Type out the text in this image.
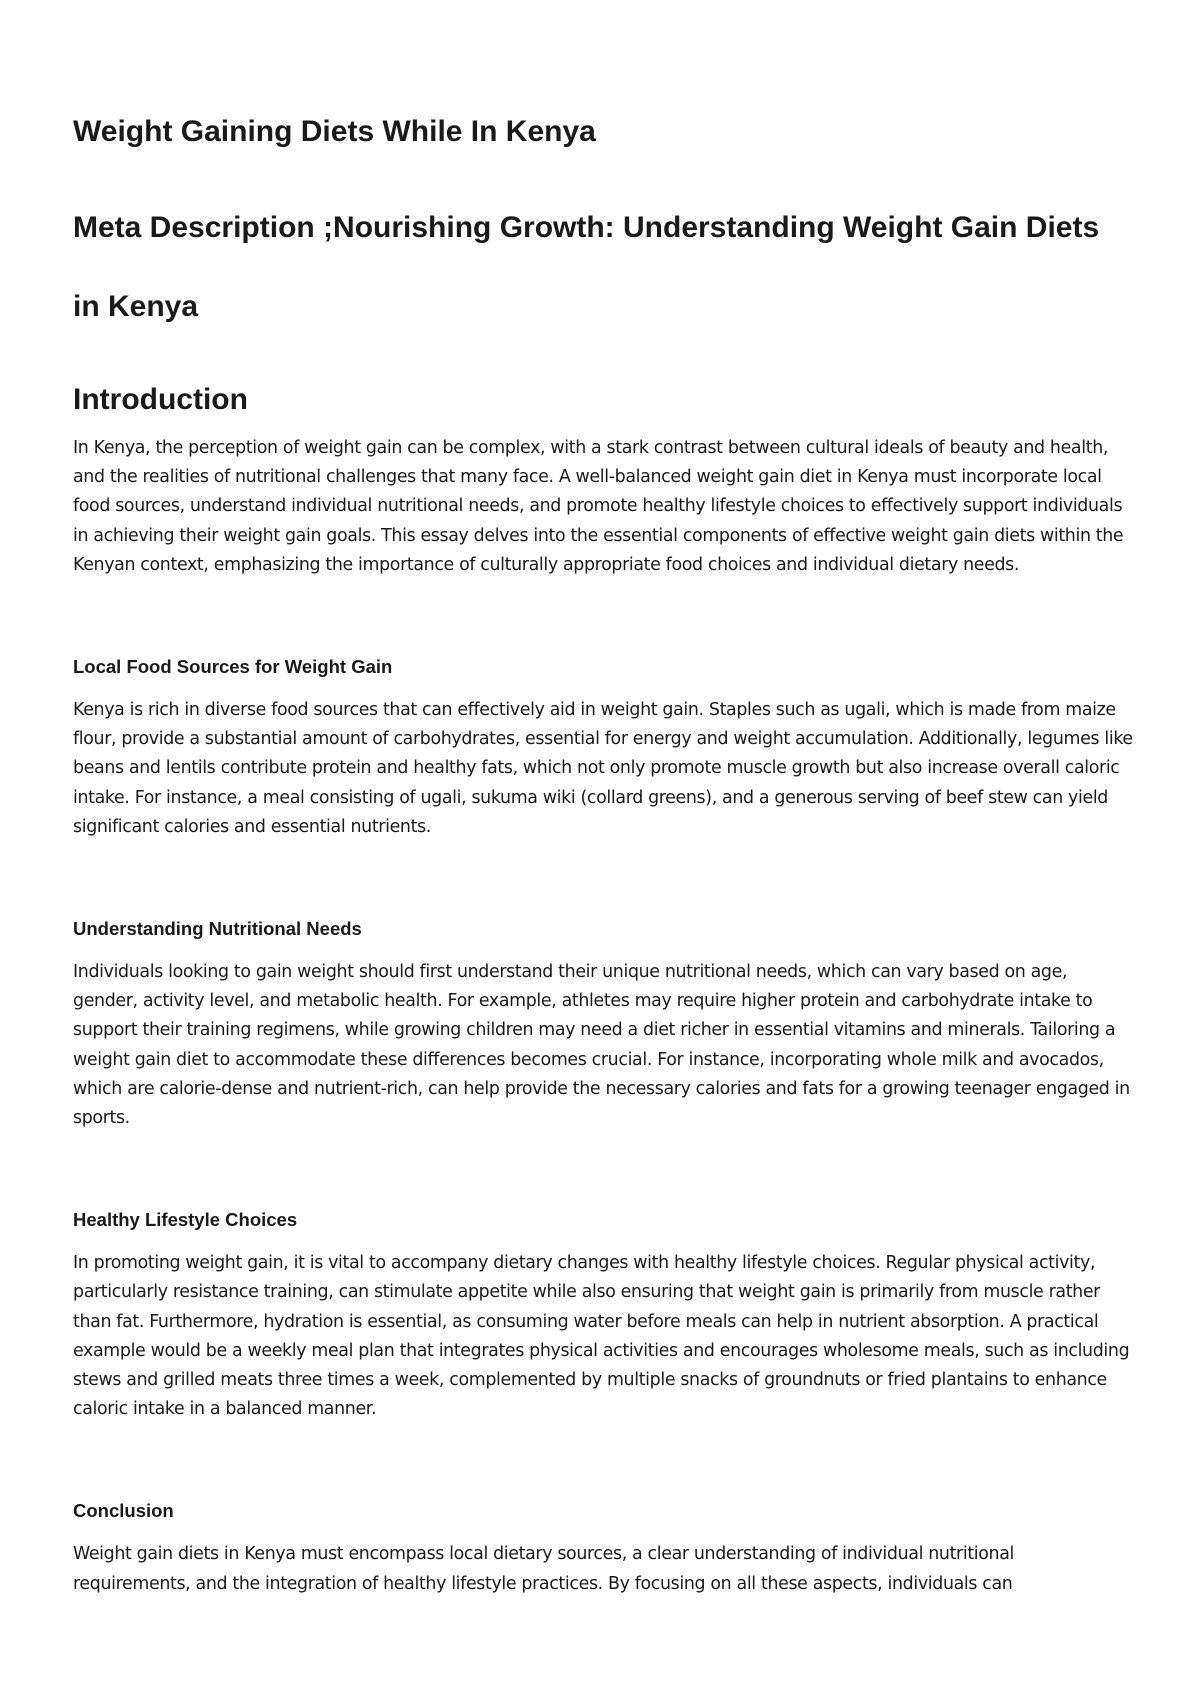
Weight Gaining Diets While In Kenya
Meta Description ;Nourishing Growth: Understanding Weight Gain Diets in Kenya
Introduction

In Kenya, the perception of weight gain can be complex, with a stark contrast between cultural ideals of beauty and health, and the realities of nutritional challenges that many face. A well-balanced weight gain diet in Kenya must incorporate local food sources, understand individual nutritional needs, and promote healthy lifestyle choices to effectively support individuals in achieving their weight gain goals. This essay delves into the essential components of effective weight gain diets within the Kenyan context, emphasizing the importance of culturally appropriate food choices and individual dietary needs.

Local Food Sources for Weight Gain

Kenya is rich in diverse food sources that can effectively aid in weight gain. Staples such as ugali, which is made from maize flour, provide a substantial amount of carbohydrates, essential for energy and weight accumulation. Additionally, legumes like beans and lentils contribute protein and healthy fats, which not only promote muscle growth but also increase overall caloric intake. For instance, a meal consisting of ugali, sukuma wiki (collard greens), and a generous serving of beef stew can yield significant calories and essential nutrients.

Understanding Nutritional Needs

Individuals looking to gain weight should first understand their unique nutritional needs, which can vary based on age, gender, activity level, and metabolic health. For example, athletes may require higher protein and carbohydrate intake to support their training regimens, while growing children may need a diet richer in essential vitamins and minerals. Tailoring a weight gain diet to accommodate these differences becomes crucial. For instance, incorporating whole milk and avocados, which are calorie-dense and nutrient-rich, can help provide the necessary calories and fats for a growing teenager engaged in sports.

Healthy Lifestyle Choices

In promoting weight gain, it is vital to accompany dietary changes with healthy lifestyle choices. Regular physical activity, particularly resistance training, can stimulate appetite while also ensuring that weight gain is primarily from muscle rather than fat. Furthermore, hydration is essential, as consuming water before meals can help in nutrient absorption. A practical example would be a weekly meal plan that integrates physical activities and encourages wholesome meals, such as including stews and grilled meats three times a week, complemented by multiple snacks of groundnuts or fried plantains to enhance caloric intake in a balanced manner.

Conclusion

Weight gain diets in Kenya must encompass local dietary sources, a clear understanding of individual nutritional requirements, and the integration of healthy lifestyle practices. By focusing on all these aspects, individuals can
